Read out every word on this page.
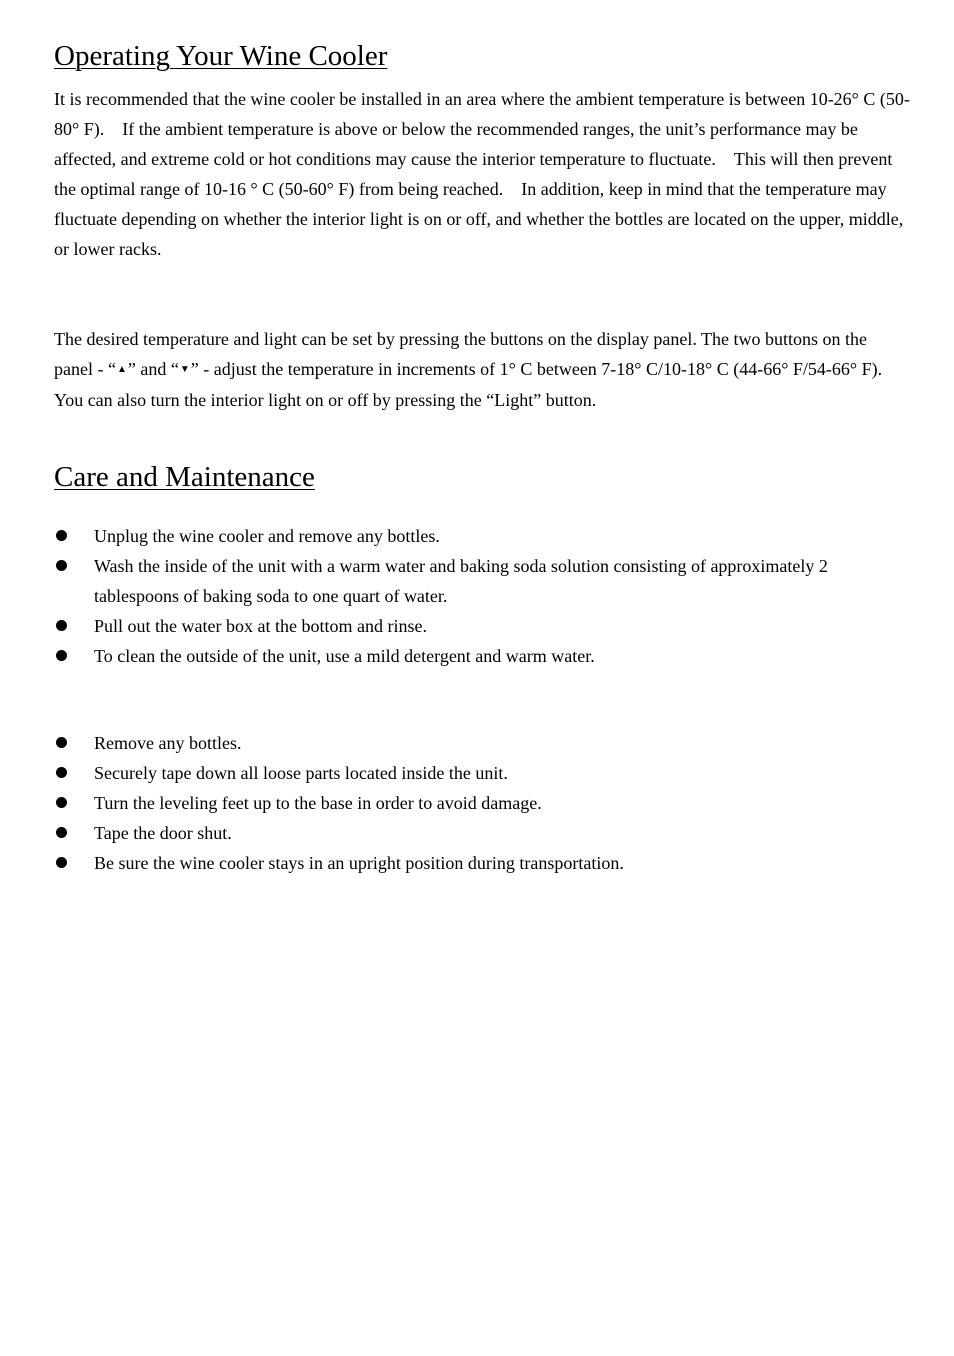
Operating Your Wine Cooler

It is recommended that the wine cooler be installed in an area where the ambient temperature is between 10-26° C (50- 80° F). If the ambient temperature is above or below the recommended ranges, the unit’s performance may be affected, and extreme cold or hot conditions may cause the interior temperature to fluctuate. This will then prevent the optimal range of 10-16 ° C (50-60° F) from being reached. In addition, keep in mind that the temperature may fluctuate depending on whether the interior light is on or off, and whether the bottles are located on the upper, middle, or lower racks.

The desired temperature and light can be set by pressing the buttons on the display panel. The two buttons on the panel - “▲” and “▼” - adjust the temperature in increments of 1° C between 7-18° C/10-18° C (44-66° F/54-66° F). You can also turn the interior light on or off by pressing the “Light” button.

Care and Maintenance
Unplug the wine cooler and remove any bottles.
Wash the inside of the unit with a warm water and baking soda solution consisting of approximately 2 tablespoons of baking soda to one quart of water.
Pull out the water box at the bottom and rinse.
To clean the outside of the unit, use a mild detergent and warm water.
Remove any bottles.
Securely tape down all loose parts located inside the unit.
Turn the leveling feet up to the base in order to avoid damage.
Tape the door shut.
Be sure the wine cooler stays in an upright position during transportation.
